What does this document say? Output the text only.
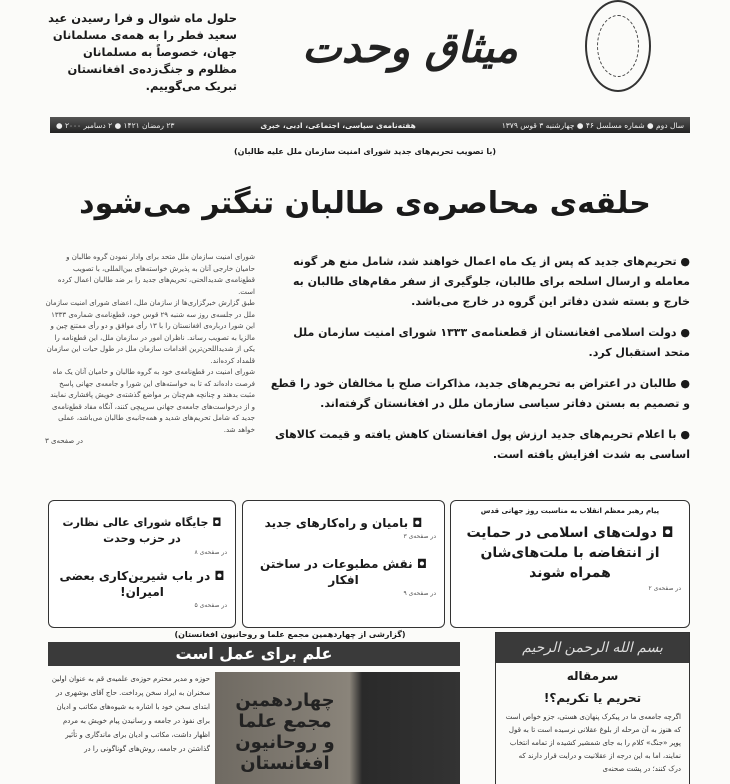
میثاق وحدت
حلول ماه شوال و فرا رسیدن عید سعید فطر را به همه‌ی مسلمانان جهان، خصوصاً به مسلمانان مظلوم و جنگ‌زده‌ی افغانستان تبریک می‌گوییم.
۲۳ رمضان ۱۴۲۱ ● ۲ دسامبر ۲۰۰۰ ●	هفته‌نامه‌ی سیاسی، اجتماعی، ادبی، خبری	سال دوم ● شماره مسلسل ۴۶ ● چهارشنبه ۳ قوس ۱۳۷۹
(با تصویب تحریم‌های جدید شورای امنیت سازمان ملل علیه طالبان)
حلقه‌ی محاصره‌ی طالبان تنگتر می‌شود

● تحریم‌های جدید که پس از یک ماه اعمال خواهند شد، شامل منع هر گونه معامله و ارسال اسلحه برای طالبان، جلوگیری از سفر مقام‌های طالبان به خارج و بسته شدن دفاتر این گروه در خارج می‌باشد.

● دولت اسلامی افغانستان از قطعنامه‌ی ۱۳۳۳ شورای امنیت سازمان ملل متحد استقبال کرد.

● طالبان در اعتراض به تحریم‌های جدید، مذاکرات صلح با مخالفان خود را قطع و تصمیم به بستن دفاتر سیاسی سازمان ملل در افغانستان گرفته‌اند.

● با اعلام تحریم‌های جدید ارزش پول افغانستان کاهش یافته و قیمت کالاهای اساسی به شدت افزایش یافته است.

شورای امنیت سازمان ملل متحد برای وادار نمودن گروه طالبان و حامیان خارجی آنان به پذیرش خواسته‌های بین‌المللی، با تصویب قطع‌نامه‌ی شدیدالحنی، تحریم‌های جدید را بر ضد طالبان اعمال کرده است.
طبق گزارش خبرگزاری‌ها از سازمان ملل، اعضای شورای امنیت سازمان ملل در جلسه‌ی روز سه شنبه ۲۹ قوس خود، قطع‌نامه‌ی شماره‌ی ۱۳۳۳ این شورا درباره‌ی افغانستان را با ۱۳ رأی موافق و دو رأی ممتنع چین و مالزیا به تصویب رساند. ناظران امور در سازمان ملل، این قطع‌نامه را یکی از شدیداللحن‌ترین اقدامات سازمان ملل در طول حیات این سازمان قلمداد کرده‌اند.
شورای امنیت در قطع‌نامه‌ی خود به گروه طالبان و حامیان آنان یک ماه فرصت داده‌اند که تا به خواسته‌های این شورا و جامعه‌ی جهانی پاسخ مثبت بدهند و چنانچه هم‌چنان بر مواضع گذشته‌ی خویش پافشاری نمایند و از درخواست‌های جامعه‌ی جهانی سرپیچی کنند، آنگاه مفاد قطع‌نامه‌ی جدید که شامل تحریم‌های شدید و همه‌جانبه‌ی طالبان می‌باشد، عملی خواهد شد.
در صفحه‌ی ۳
پیام رهبر معظم انقلاب به مناسبت روز جهانی قدس
◘ دولت‌های اسلامی در حمایت از انتفاضه با ملت‌های‌شان همراه شوند
در صفحه‌ی ۲
◘ بامیان و راه‌کارهای جدید
در صفحه‌ی ۳
◘ نقش مطبوعات در ساختن افکار
در صفحه‌ی ۹
◘ جایگاه شورای عالی نظارت در حزب وحدت
در صفحه‌ی ۸
◘ در باب شیرین‌کاری بعضی امیران!
در صفحه‌ی ۵
(گزارشی از چهاردهمین مجمع علما و روحانیون افغانستان)
علم برای عمل است
چهاردهمین مجمع علما و روحانیون افغانستان
حوزه و مدیر محترم حوزه‌ی علمیه‌ی قم به عنوان اولین سخنران به ایراد سخن پرداخت. حاج آقای بوشهری در ابتدای سخن خود با اشاره به شیوه‌های مکاتب و ادیان برای نفوذ در جامعه و رسانیدن پیام خویش به مردم اظهار داشت، مکاتب و ادیان برای ماندگاری و تأثیر گذاشتن در جامعه، روش‌های گوناگونی را در
بسم الله الرحمن الرحیم
سرمقاله
تحریم یا تکریم؟!
اگرچه جامعه‌ی ما در پیکرک پنهان‌ی هستی، جزو خواص است که هنوز به آن مرحله از بلوغ عقلانی نرسیده است تا به قول پوپر «جنگ» کلام را به جای شمشیر کشیده از تمامه انتخاب نمایند، اما به این درجه از عقلانیت و درایت قرار دارند که درک کنند؛ در پشت صحنه‌ی
